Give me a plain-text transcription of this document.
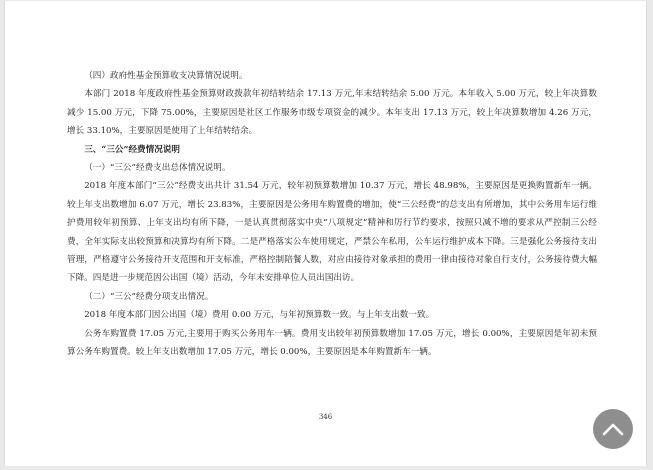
（四）政府性基金预算收支决算情况说明。

本部门 2018 年度政府性基金预算财政拨款年初结转结余 17.13 万元,年末结转结余 5.00 万元。本年收入 5.00 万元，较上年决算数减少 15.00 万元，下降 75.00%，主要原因是社区工作服务市级专项资金的减少。本年支出 17.13 万元，较上年决算数增加 4.26 万元，增长 33.10%，主要原因是使用了上年结转结余。

三、“三公”经费情况说明

（一）“三公”经费支出总体情况说明。

2018 年度本部门“三公”经费支出共计 31.54 万元，较年初预算数增加 10.37 万元，增长 48.98%，主要原因是更换购置新车一辆。较上年支出数增加 6.07 万元，增长 23.83%，主要原因是公务用车购置费的增加，使“三公经费”的总支出有所增加，其中公务用车运行维护费用较年初预算、上年支出均有所下降，一是认真贯彻落实中央“八项规定”精神和厉行节约要求，按照只减不增的要求从严控制三公经费，全年实际支出较预算和决算均有所下降。二是严格落实公车使用规定，严禁公车私用，公车运行维护成本下降。三是强化公务接待支出管理，严格遵守公务接待开支范围和开支标准，严格控制陪餐人数，对应由接待对象承担的费用一律由接待对象自行支付，公务接待费大幅下降。四是进一步规范因公出国（境）活动，今年未安排单位人员出国出访。

（二）“三公”经费分项支出情况。

2018 年度本部门因公出国（境）费用 0.00 万元，与年初预算数一致。与上年支出数一致。

公务车购置费 17.05 万元,主要用于购买公务用车一辆。费用支出较年初预算数增加 17.05 万元，增长 0.00%，主要原因是年初未预算公务车购置费。较上年支出数增加 17.05 万元，增长 0.00%，主要原因是本年购置新车一辆。

346
